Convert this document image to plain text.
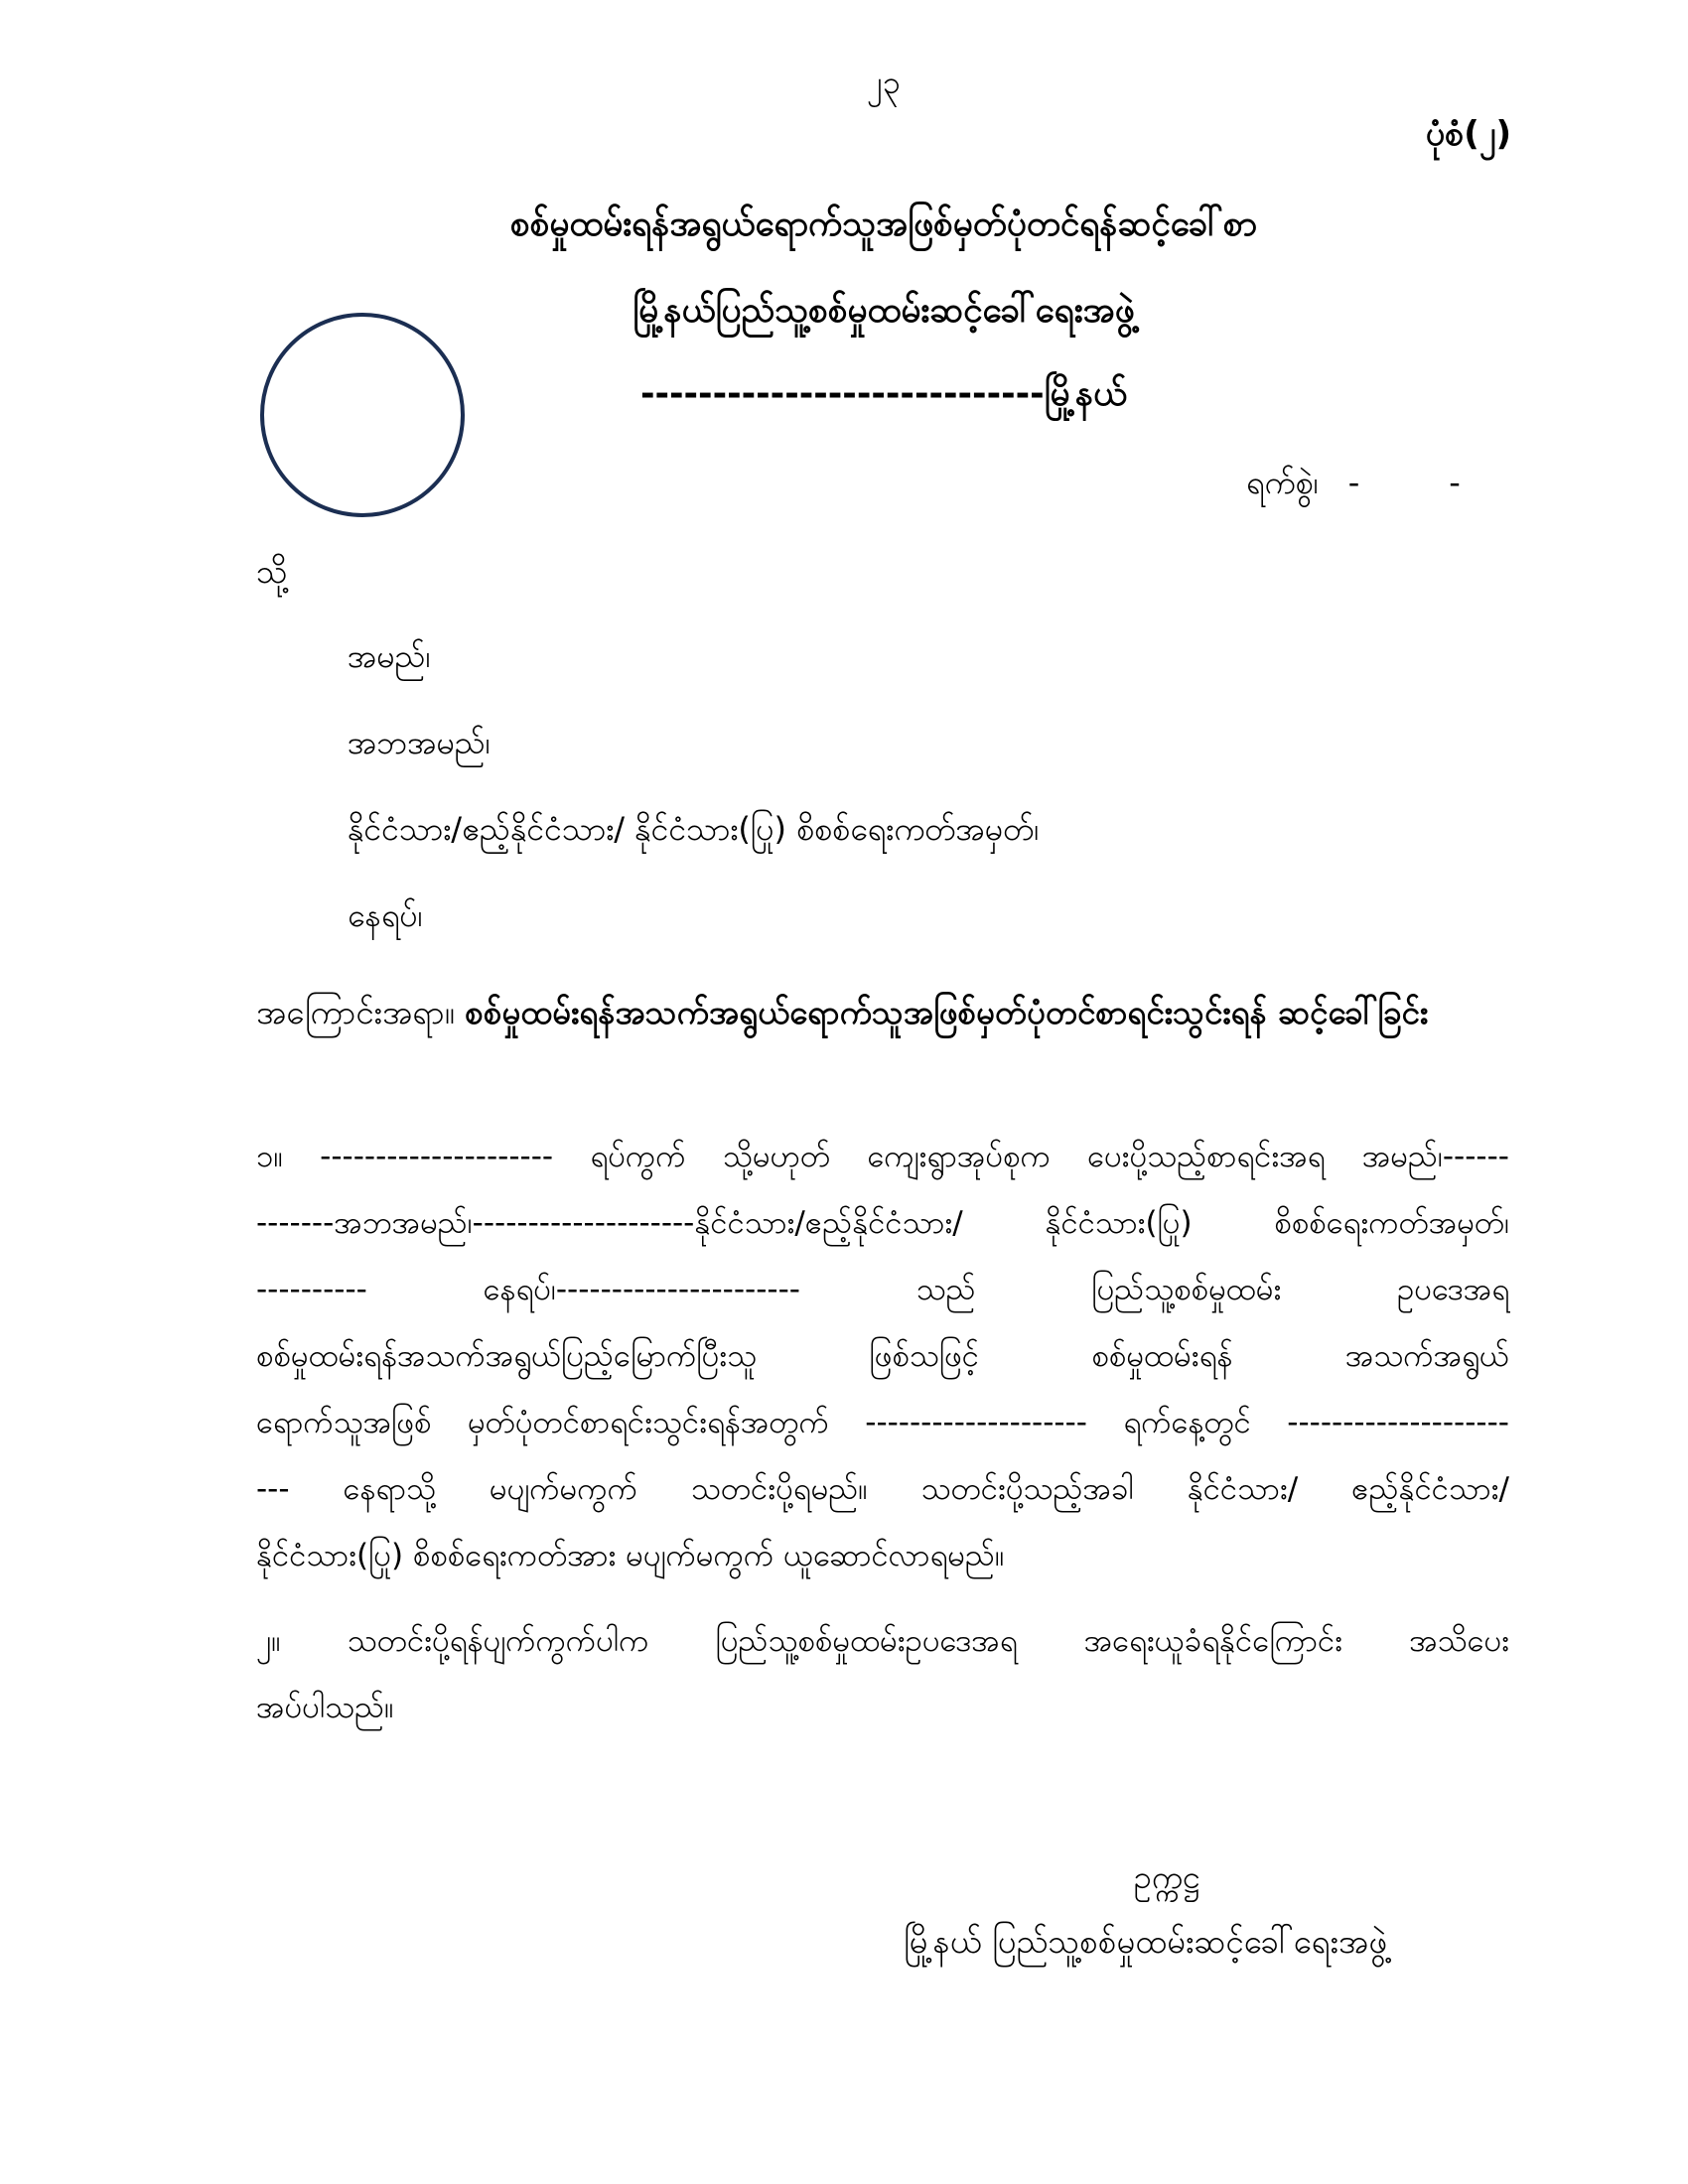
၂၃
ပုံစံ(၂)
စစ်မှုထမ်းရန်အရွယ်ရောက်သူအဖြစ်မှတ်ပုံတင်ရန်ဆင့်ခေါ်စာ
မြို့နယ်ပြည်သူ့စစ်မှုထမ်းဆင့်ခေါ်ရေးအဖွဲ့
----------------------------မြို့နယ်
ရက်စွဲ၊ -	-
သို့
အမည်၊
အဘအမည်၊
နိုင်ငံသား/ဧည့်နိုင်ငံသား/ နိုင်ငံသား(ပြု) စိစစ်ရေးကတ်အမှတ်၊
နေရပ်၊
အကြောင်းအရာ။ စစ်မှုထမ်းရန်အသက်အရွယ်ရောက်သူအဖြစ်မှတ်ပုံတင်စာရင်းသွင်းရန် ဆင့်ခေါ်ခြင်း
၁။ --------------------- ရပ်ကွက် သို့မဟုတ် ကျေးရွာအုပ်စုက ပေးပို့သည့်စာရင်းအရ အမည်၊------
-------အဘအမည်၊--------------------နိုင်ငံသား/ဧည့်နိုင်ငံသား/ နိုင်ငံသား(ပြု) စိစစ်ရေးကတ်အမှတ်၊
---------- နေရပ်၊---------------------- သည် ပြည်သူ့စစ်မှုထမ်း ဥပဒေအရ
စစ်မှုထမ်းရန်အသက်အရွယ်ပြည့်မြောက်ပြီးသူ ဖြစ်သဖြင့် စစ်မှုထမ်းရန် အသက်အရွယ်
ရောက်သူအဖြစ် မှတ်ပုံတင်စာရင်းသွင်းရန်အတွက် -------------------- ရက်နေ့တွင် --------------------
--- နေရာသို့ မပျက်မကွက် သတင်းပို့ရမည်။ သတင်းပို့သည့်အခါ နိုင်ငံသား/ ဧည့်နိုင်ငံသား/
နိုင်ငံသား(ပြု) စိစစ်ရေးကတ်အား မပျက်မကွက် ယူဆောင်လာရမည်။
၂။ သတင်းပို့ရန်ပျက်ကွက်ပါက ပြည်သူ့စစ်မှုထမ်းဥပဒေအရ အရေးယူခံရနိုင်ကြောင်း အသိပေး
အပ်ပါသည်။
ဥက္ကဋ္ဌ
မြို့နယ် ပြည်သူ့စစ်မှုထမ်းဆင့်ခေါ်ရေးအဖွဲ့
